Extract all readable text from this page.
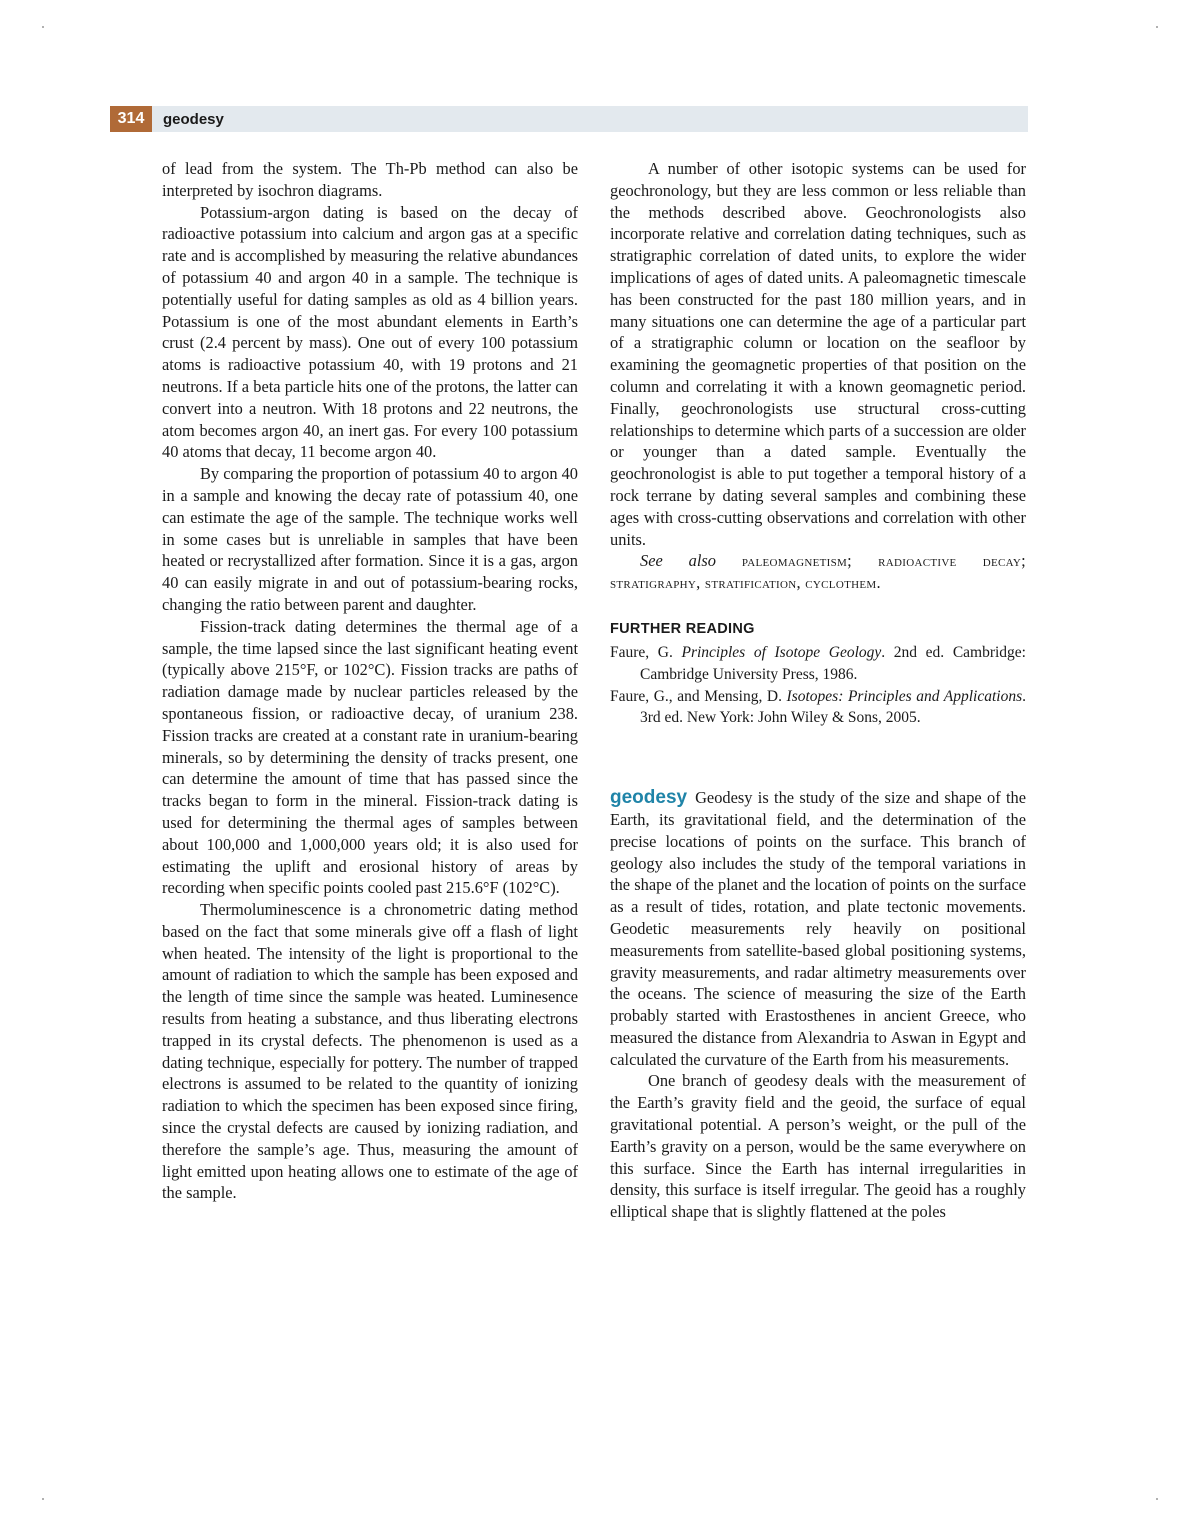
314	geodesy

of lead from the system. The Th-Pb method can also be interpreted by isochron diagrams.

Potassium-argon dating is based on the decay of radioactive potassium into calcium and argon gas at a specific rate and is accomplished by measuring the relative abundances of potassium 40 and argon 40 in a sample. The technique is potentially useful for dating samples as old as 4 billion years. Potassium is one of the most abundant elements in Earth’s crust (2.4 percent by mass). One out of every 100 potassium atoms is radioactive potassium 40, with 19 protons and 21 neutrons. If a beta particle hits one of the protons, the latter can convert into a neutron. With 18 protons and 22 neutrons, the atom becomes argon 40, an inert gas. For every 100 potassium 40 atoms that decay, 11 become argon 40.

By comparing the proportion of potassium 40 to argon 40 in a sample and knowing the decay rate of potassium 40, one can estimate the age of the sample. The technique works well in some cases but is unreliable in samples that have been heated or recrystallized after formation. Since it is a gas, argon 40 can easily migrate in and out of potassium-bearing rocks, changing the ratio between parent and daughter.

Fission-track dating determines the thermal age of a sample, the time lapsed since the last significant heating event (typically above 215°F, or 102°C). Fission tracks are paths of radiation damage made by nuclear particles released by the spontaneous fission, or radioactive decay, of uranium 238. Fission tracks are created at a constant rate in uranium-bearing minerals, so by determining the density of tracks present, one can determine the amount of time that has passed since the tracks began to form in the mineral. Fission-track dating is used for determining the thermal ages of samples between about 100,000 and 1,000,000 years old; it is also used for estimating the uplift and erosional history of areas by recording when specific points cooled past 215.6°F (102°C).

Thermoluminescence is a chronometric dating method based on the fact that some minerals give off a flash of light when heated. The intensity of the light is proportional to the amount of radiation to which the sample has been exposed and the length of time since the sample was heated. Luminesence results from heating a substance, and thus liberating electrons trapped in its crystal defects. The phenomenon is used as a dating technique, especially for pottery. The number of trapped electrons is assumed to be related to the quantity of ionizing radiation to which the specimen has been exposed since firing, since the crystal defects are caused by ionizing radiation, and therefore the sample’s age. Thus, measuring the amount of light emitted upon heating allows one to estimate of the age of the sample.

A number of other isotopic systems can be used for geochronology, but they are less common or less reliable than the methods described above. Geochronologists also incorporate relative and correlation dating techniques, such as stratigraphic correlation of dated units, to explore the wider implications of ages of dated units. A paleomagnetic timescale has been constructed for the past 180 million years, and in many situations one can determine the age of a particular part of a stratigraphic column or location on the seafloor by examining the geomagnetic properties of that position on the column and correlating it with a known geomagnetic period. Finally, geochronologists use structural cross-cutting relationships to determine which parts of a succession are older or younger than a dated sample. Eventually the geochronologist is able to put together a temporal history of a rock terrane by dating several samples and combining these ages with cross-cutting observations and correlation with other units.

See also paleomagnetism; radioactive decay; stratigraphy, stratification, cyclothem.

FURTHER READING

Faure, G. Principles of Isotope Geology. 2nd ed. Cambridge: Cambridge University Press, 1986.

Faure, G., and Mensing, D. Isotopes: Principles and Applications. 3rd ed. New York: John Wiley & Sons, 2005.

geodesy Geodesy is the study of the size and shape of the Earth, its gravitational field, and the determination of the precise locations of points on the surface. This branch of geology also includes the study of the temporal variations in the shape of the planet and the location of points on the surface as a result of tides, rotation, and plate tectonic movements. Geodetic measurements rely heavily on positional measurements from satellite-based global positioning systems, gravity measurements, and radar altimetry measurements over the oceans. The science of measuring the size of the Earth probably started with Erastosthenes in ancient Greece, who measured the distance from Alexandria to Aswan in Egypt and calculated the curvature of the Earth from his measurements.

One branch of geodesy deals with the measurement of the Earth’s gravity field and the geoid, the surface of equal gravitational potential. A person’s weight, or the pull of the Earth’s gravity on a person, would be the same everywhere on this surface. Since the Earth has internal irregularities in density, this surface is itself irregular. The geoid has a roughly elliptical shape that is slightly flattened at the poles
